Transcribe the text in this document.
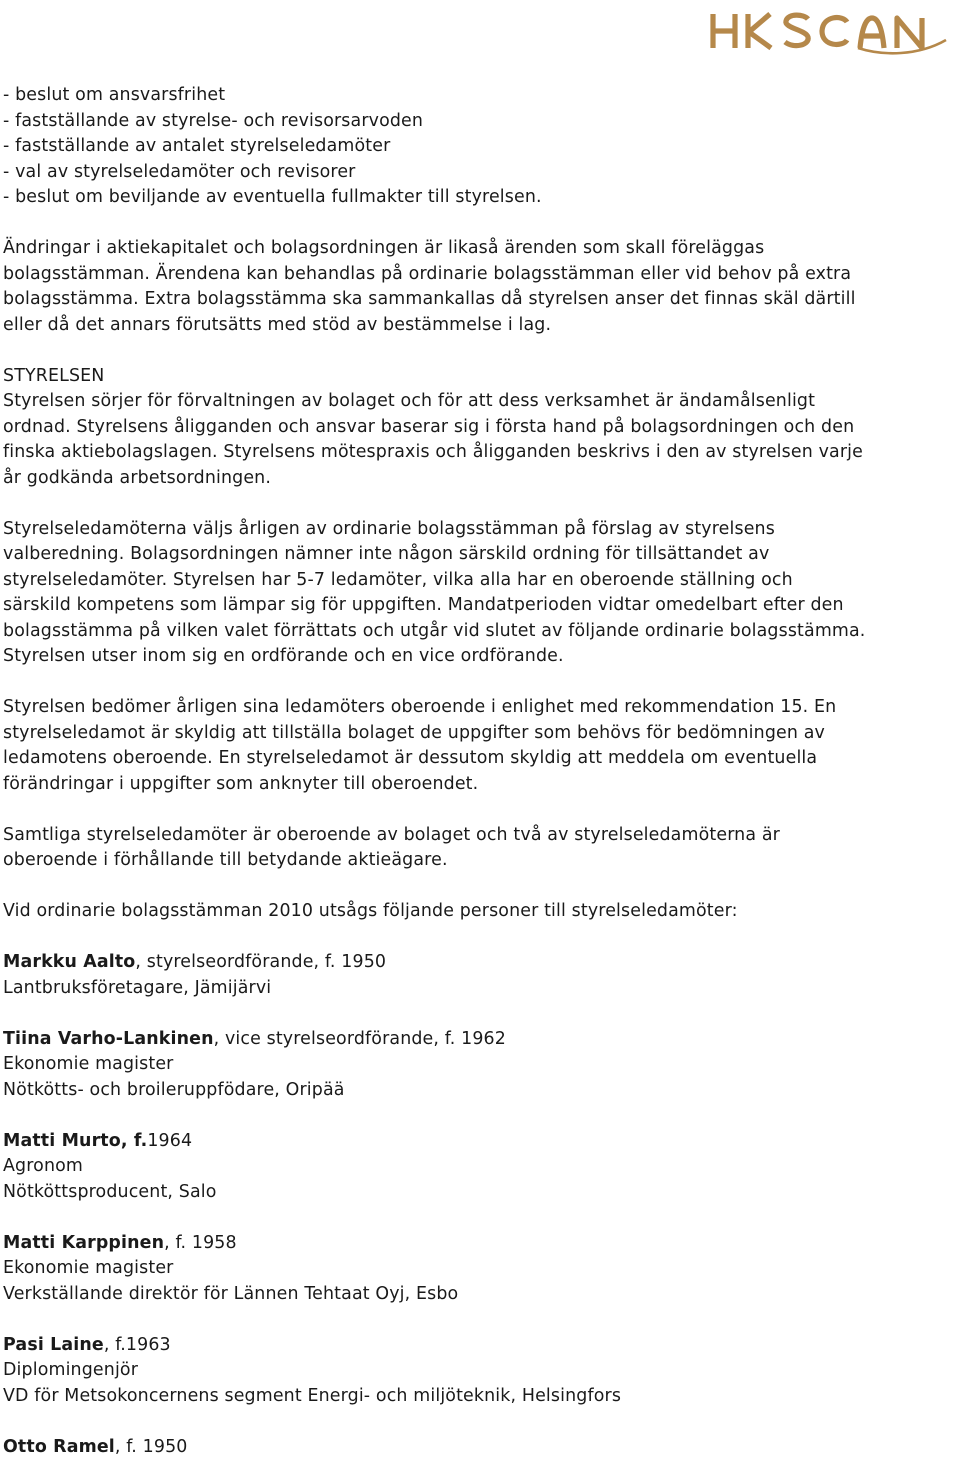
- beslut om ansvarsfrihet

- fastställande av styrelse- och revisorsarvoden

- fastställande av antalet styrelseledamöter

- val av styrelseledamöter och revisorer

- beslut om beviljande av eventuella fullmakter till styrelsen.

Ändringar i aktiekapitalet och bolagsordningen är likaså ärenden som skall föreläggas

bolagsstämman. Ärendena kan behandlas på ordinarie bolagsstämman eller vid behov på extra

bolagsstämma. Extra bolagsstämma ska sammankallas då styrelsen anser det finnas skäl därtill

eller då det annars förutsätts med stöd av bestämmelse i lag.

STYRELSEN

Styrelsen sörjer för förvaltningen av bolaget och för att dess verksamhet är ändamålsenligt

ordnad. Styrelsens åligganden och ansvar baserar sig i första hand på bolagsordningen och den

finska aktiebolagslagen. Styrelsens mötespraxis och åligganden beskrivs i den av styrelsen varje

år godkända arbetsordningen.

Styrelseledamöterna väljs årligen av ordinarie bolagsstämman på förslag av styrelsens

valberedning. Bolagsordningen nämner inte någon särskild ordning för tillsättandet av

styrelseledamöter. Styrelsen har 5-7 ledamöter, vilka alla har en oberoende ställning och

särskild kompetens som lämpar sig för uppgiften. Mandatperioden vidtar omedelbart efter den

bolagsstämma på vilken valet förrättats och utgår vid slutet av följande ordinarie bolagsstämma.

Styrelsen utser inom sig en ordförande och en vice ordförande.

Styrelsen bedömer årligen sina ledamöters oberoende i enlighet med rekommendation 15. En

styrelseledamot är skyldig att tillställa bolaget de uppgifter som behövs för bedömningen av

ledamotens oberoende. En styrelseledamot är dessutom skyldig att meddela om eventuella

förändringar i uppgifter som anknyter till oberoendet.

Samtliga styrelseledamöter är oberoende av bolaget och två av styrelseledamöterna är

oberoende i förhållande till betydande aktieägare.

Vid ordinarie bolagsstämman 2010 utsågs följande personer till styrelseledamöter:

Markku Aalto, styrelseordförande, f. 1950

Lantbruksföretagare, Jämijärvi

Tiina Varho-Lankinen, vice styrelseordförande, f. 1962

Ekonomie magister

Nötkötts- och broileruppfödare, Oripää

Matti Murto, f.1964

Agronom

Nötköttsproducent, Salo

Matti Karppinen, f. 1958

Ekonomie magister

Verkställande direktör för Lännen Tehtaat Oyj, Esbo

Pasi Laine, f.1963

Diplomingenjör

VD för Metsokoncernens segment Energi- och miljöteknik, Helsingfors

Otto Ramel, f. 1950
